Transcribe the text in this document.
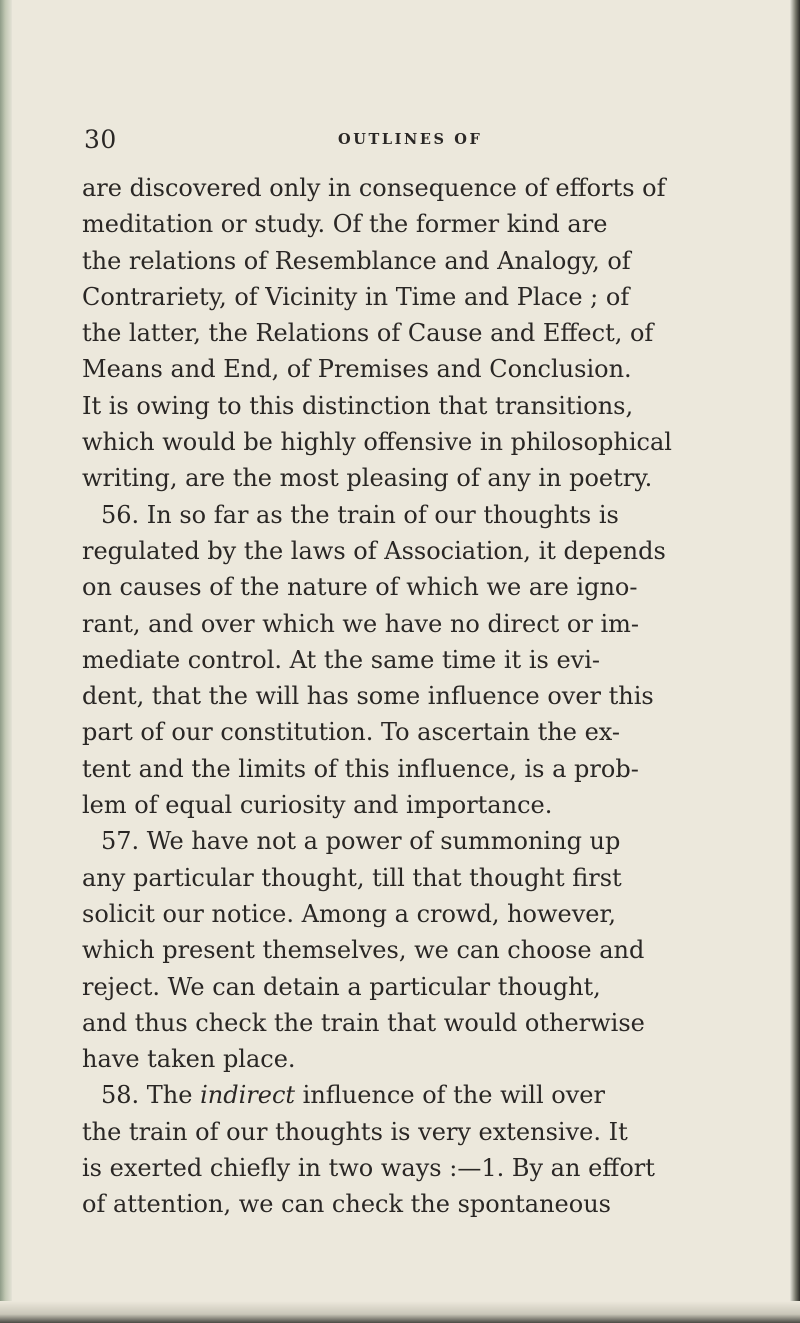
30	OUTLINES OF
are discovered only in consequence of efforts of
meditation or study. Of the former kind are
the relations of Resemblance and Analogy, of
Contrariety, of Vicinity in Time and Place ; of
the latter, the Relations of Cause and Effect, of
Means and End, of Premises and Conclusion.
It is owing to this distinction that transitions,
which would be highly offensive in philosophical
writing, are the most pleasing of any in poetry.
56. In so far as the train of our thoughts is
regulated by the laws of Association, it depends
on causes of the nature of which we are igno-
rant, and over which we have no direct or im-
mediate control. At the same time it is evi-
dent, that the will has some influence over this
part of our constitution. To ascertain the ex-
tent and the limits of this influence, is a prob-
lem of equal curiosity and importance.
57. We have not a power of summoning up
any particular thought, till that thought first
solicit our notice. Among a crowd, however,
which present themselves, we can choose and
reject. We can detain a particular thought,
and thus check the train that would otherwise
have taken place.
58. The indirect influence of the will over
the train of our thoughts is very extensive. It
is exerted chiefly in two ways :—1. By an effort
of attention, we can check the spontaneous
